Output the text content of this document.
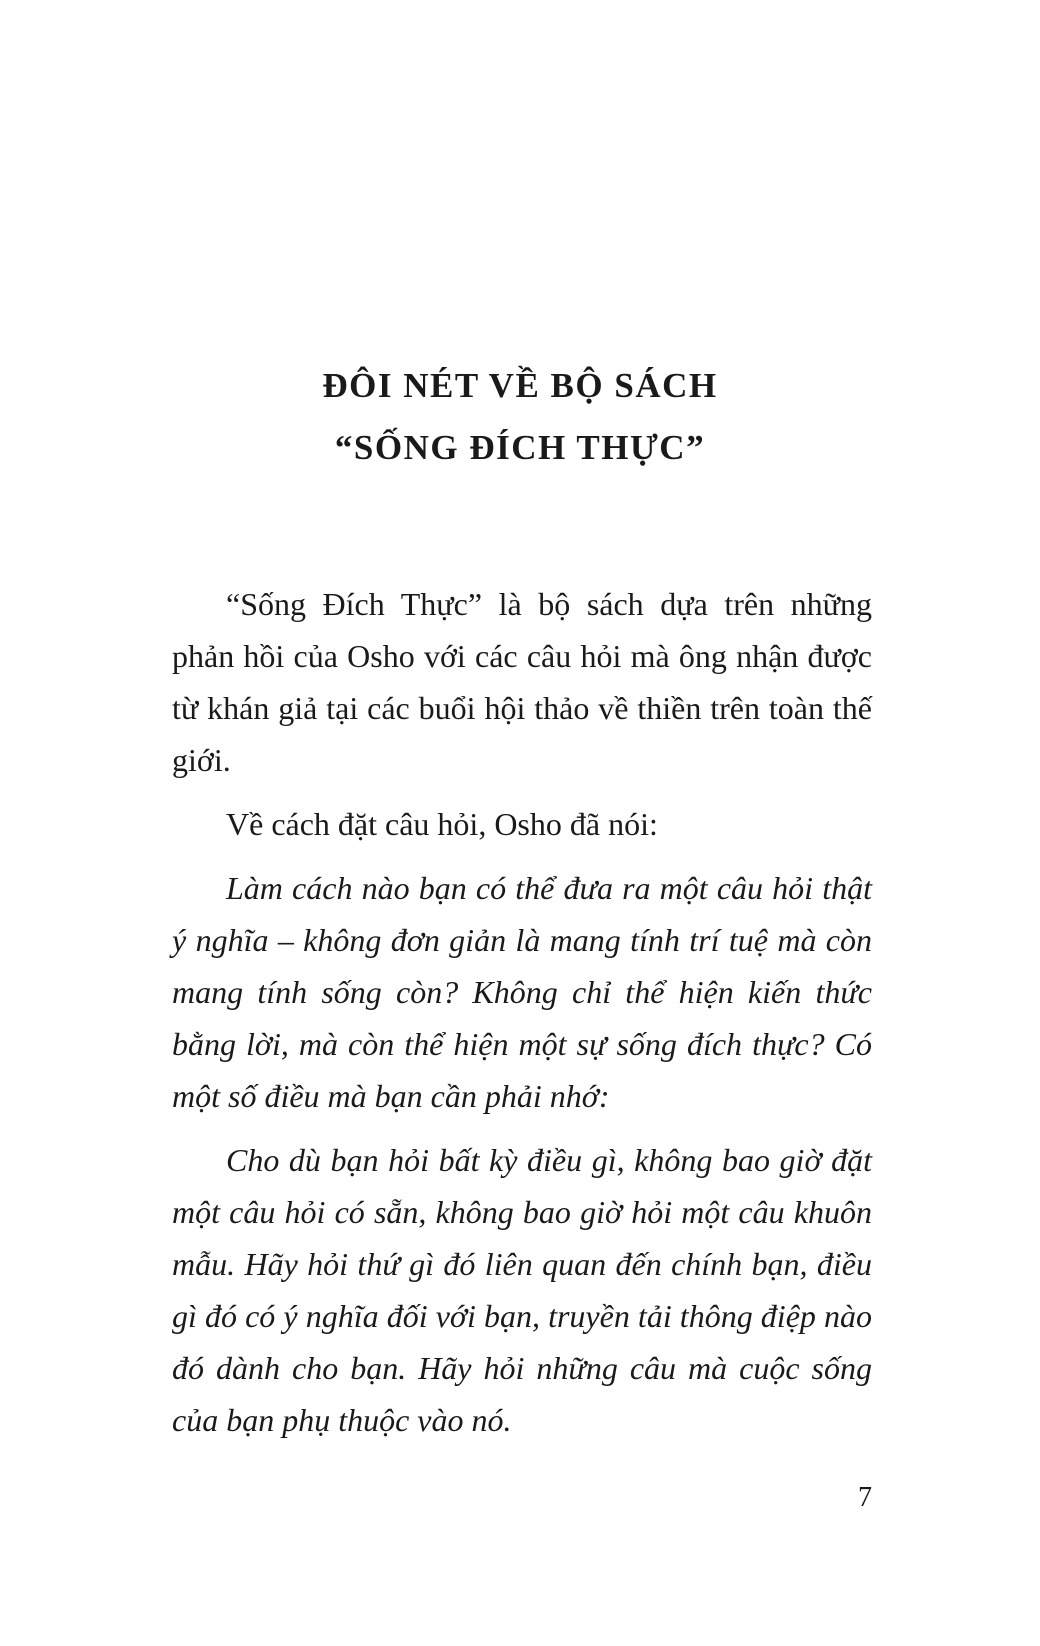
ĐÔI NÉT VỀ BỘ SÁCH
“SỐNG ĐÍCH THỰC”

“Sống Đích Thực” là bộ sách dựa trên những phản hồi của Osho với các câu hỏi mà ông nhận được từ khán giả tại các buổi hội thảo về thiền trên toàn thế giới.

Về cách đặt câu hỏi, Osho đã nói:

Làm cách nào bạn có thể đưa ra một câu hỏi thật ý nghĩa – không đơn giản là mang tính trí tuệ mà còn mang tính sống còn? Không chỉ thể hiện kiến thức bằng lời, mà còn thể hiện một sự sống đích thực? Có một số điều mà bạn cần phải nhớ:

Cho dù bạn hỏi bất kỳ điều gì, không bao giờ đặt một câu hỏi có sẵn, không bao giờ hỏi một câu khuôn mẫu. Hãy hỏi thứ gì đó liên quan đến chính bạn, điều gì đó có ý nghĩa đối với bạn, truyền tải thông điệp nào đó dành cho bạn. Hãy hỏi những câu mà cuộc sống của bạn phụ thuộc vào nó.

7
